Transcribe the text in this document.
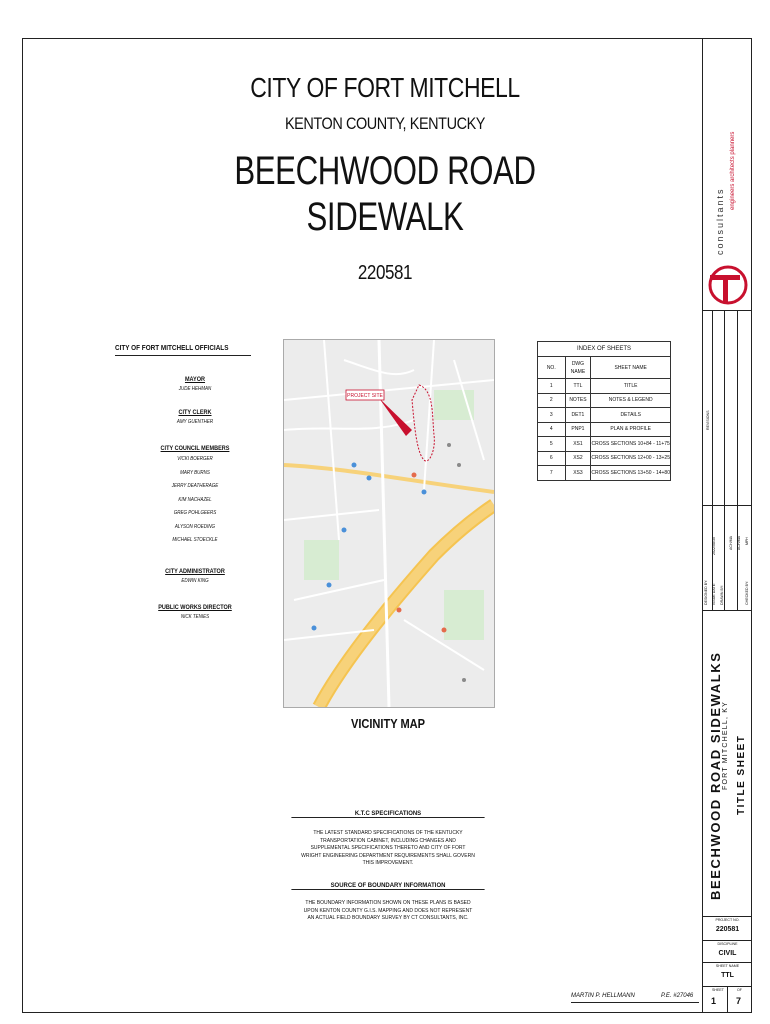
CITY OF FORT MITCHELL
KENTON COUNTY, KENTUCKY
BEECHWOOD ROAD
SIDEWALK
220581
CITY OF FORT MITCHELL OFFICIALS
MAYOR
JUDE HEHMAN
CITY CLERK
AMY GUENTHER
CITY COUNCIL MEMBERS
VICKI BOERGER
MARY BURNS
JERRY DEATHERAGE
KIM NACHAZEL
GREG POHLGEERS
ALYSON ROEDING
MICHAEL STOECKLE
CITY ADMINISTRATOR
EDWIN KING
PUBLIC WORKS DIRECTOR
NICK TENIES
PROJECT SITE
INDEX OF SHEETS		
NO.	DWG NAME	SHEET NAME
1	TTL	TITLE
2	NOTES	NOTES & LEGEND
3	DET1	DETAILS
4	PNP1	PLAN & PROFILE
5	XS1	CROSS SECTIONS 10+84 - 11+75
6	XS2	CROSS SECTIONS 12+00 - 13+25
7	XS3	CROSS SECTIONS 13+50 - 14+80
VICINITY MAP
K.T.C SPECIFICATIONS
THE LATEST STANDARD SPECIFICATIONS OF THE KENTUCKY TRANSPORTATION CABINET, INCLUDING CHANGES AND SUPPLEMENTAL SPECIFICATIONS THERETO AND CITY OF FORT WRIGHT ENGINEERING DEPARTMENT REQUIREMENTS SHALL GOVERN THIS IMPROVEMENT.
SOURCE OF BOUNDARY INFORMATION
THE BOUNDARY INFORMATION SHOWN ON THESE PLANS IS BASED UPON KENTON COUNTY G.I.S. MAPPING AND DOES NOT REPRESENT AN ACTUAL FIELD BOUNDARY SURVEY BY CT CONSULTANTS, INC.
MARTIN P. HELLMANN	P.E. #27046
consultants
engineers architects planners
REVISIONS
DESIGNED BY:
ACH/MA
ISSUE DATE:
2022/08/30
DRAWN BY:
ACH/MA
CHECKED BY:
MPH
BEECHWOOD ROAD SIDEWALKS FORT MITCHELL, KY TITLE SHEET
PROJECT NO.
220581
DISCIPLINE
CIVIL
SHEET NAME
TTL
SHEET	OF
1 7
